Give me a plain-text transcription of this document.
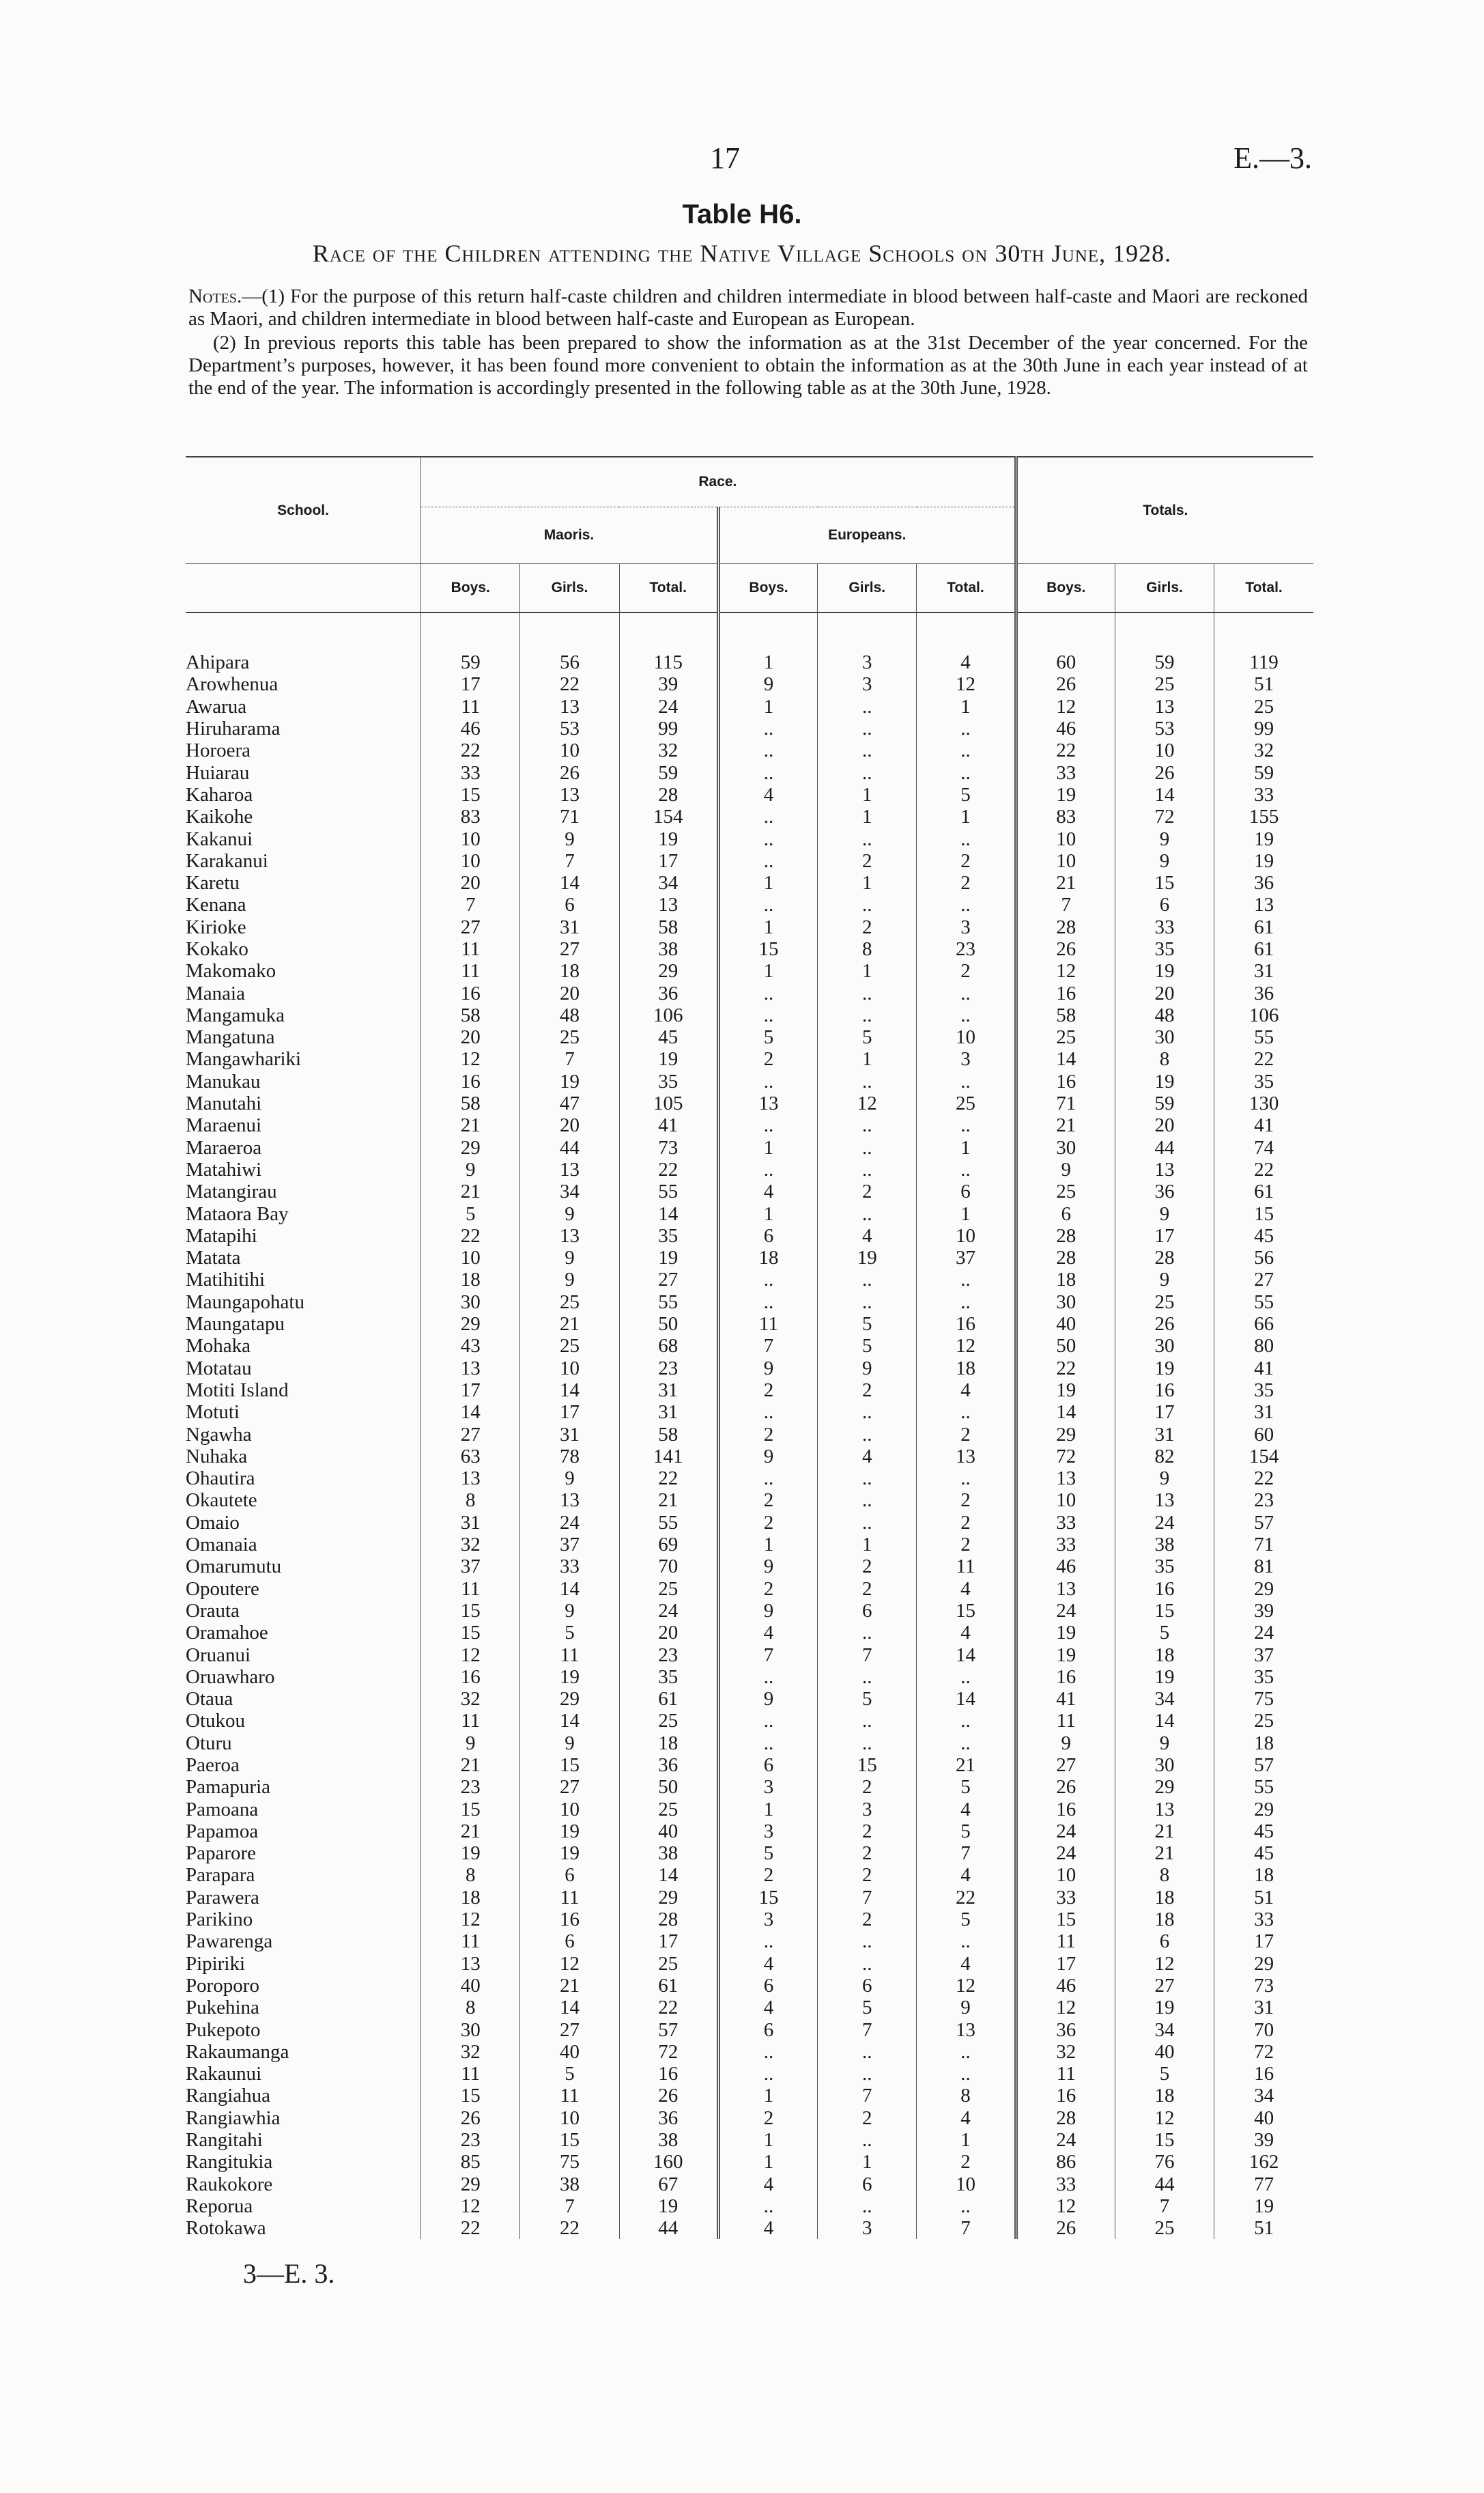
17	E.—3.
Table H6.
Race of the Children attending the Native Village Schools on 30th June, 1928.

Notes.—(1) For the purpose of this return half-caste children and children intermediate in blood between half-caste and Maori are reckoned as Maori, and children intermediate in blood between half-caste and European as European.

(2) In previous reports this table has been prepared to show the information as at the 31st December of the year concerned. For the Department’s purposes, however, it has been found more convenient to obtain the information as at the 30th June in each year instead of at the end of the year. The information is accordingly presented in the following table as at the 30th June, 1928.

School.	Race.						Totals.		
	Maoris.			Europeans.					
	Boys.	Girls.	Total.	Boys.	Girls.	Total.	Boys.	Girls.	Total.

Ahipara	59	56	115	1	3	4	60	59	119
Arowhenua	17	22	39	9	3	12	26	25	51
Awarua	11	13	24	1	..	1	12	13	25
Hiruharama	46	53	99	..	..	..	46	53	99
Horoera	22	10	32	..	..	..	22	10	32
Huiarau	33	26	59	..	..	..	33	26	59
Kaharoa	15	13	28	4	1	5	19	14	33
Kaikohe	83	71	154	..	1	1	83	72	155
Kakanui	10	9	19	..	..	..	10	9	19
Karakanui	10	7	17	..	2	2	10	9	19
Karetu	20	14	34	1	1	2	21	15	36
Kenana	7	6	13	..	..	..	7	6	13
Kirioke	27	31	58	1	2	3	28	33	61
Kokako	11	27	38	15	8	23	26	35	61
Makomako	11	18	29	1	1	2	12	19	31
Manaia	16	20	36	..	..	..	16	20	36
Mangamuka	58	48	106	..	..	..	58	48	106
Mangatuna	20	25	45	5	5	10	25	30	55
Mangawhariki	12	7	19	2	1	3	14	8	22
Manukau	16	19	35	..	..	..	16	19	35
Manutahi	58	47	105	13	12	25	71	59	130
Maraenui	21	20	41	..	..	..	21	20	41
Maraeroa	29	44	73	1	..	1	30	44	74
Matahiwi	9	13	22	..	..	..	9	13	22
Matangirau	21	34	55	4	2	6	25	36	61
Mataora Bay	5	9	14	1	..	1	6	9	15
Matapihi	22	13	35	6	4	10	28	17	45
Matata	10	9	19	18	19	37	28	28	56
Matihitihi	18	9	27	..	..	..	18	9	27
Maungapohatu	30	25	55	..	..	..	30	25	55
Maungatapu	29	21	50	11	5	16	40	26	66
Mohaka	43	25	68	7	5	12	50	30	80
Motatau	13	10	23	9	9	18	22	19	41
Motiti Island	17	14	31	2	2	4	19	16	35
Motuti	14	17	31	..	..	..	14	17	31
Ngawha	27	31	58	2	..	2	29	31	60
Nuhaka	63	78	141	9	4	13	72	82	154
Ohautira	13	9	22	..	..	..	13	9	22
Okautete	8	13	21	2	..	2	10	13	23
Omaio	31	24	55	2	..	2	33	24	57
Omanaia	32	37	69	1	1	2	33	38	71
Omarumutu	37	33	70	9	2	11	46	35	81
Opoutere	11	14	25	2	2	4	13	16	29
Orauta	15	9	24	9	6	15	24	15	39
Oramahoe	15	5	20	4	..	4	19	5	24
Oruanui	12	11	23	7	7	14	19	18	37
Oruawharo	16	19	35	..	..	..	16	19	35
Otaua	32	29	61	9	5	14	41	34	75
Otukou	11	14	25	..	..	..	11	14	25
Oturu	9	9	18	..	..	..	9	9	18
Paeroa	21	15	36	6	15	21	27	30	57
Pamapuria	23	27	50	3	2	5	26	29	55
Pamoana	15	10	25	1	3	4	16	13	29
Papamoa	21	19	40	3	2	5	24	21	45
Paparore	19	19	38	5	2	7	24	21	45
Parapara	8	6	14	2	2	4	10	8	18
Parawera	18	11	29	15	7	22	33	18	51
Parikino	12	16	28	3	2	5	15	18	33
Pawarenga	11	6	17	..	..	..	11	6	17
Pipiriki	13	12	25	4	..	4	17	12	29
Poroporo	40	21	61	6	6	12	46	27	73
Pukehina	8	14	22	4	5	9	12	19	31
Pukepoto	30	27	57	6	7	13	36	34	70
Rakaumanga	32	40	72	..	..	..	32	40	72
Rakaunui	11	5	16	..	..	..	11	5	16
Rangiahua	15	11	26	1	7	8	16	18	34
Rangiawhia	26	10	36	2	2	4	28	12	40
Rangitahi	23	15	38	1	..	1	24	15	39
Rangitukia	85	75	160	1	1	2	86	76	162
Raukokore	29	38	67	4	6	10	33	44	77
Reporua	12	7	19	..	..	..	12	7	19
Rotokawa	22	22	44	4	3	7	26	25	51
3—E. 3.
